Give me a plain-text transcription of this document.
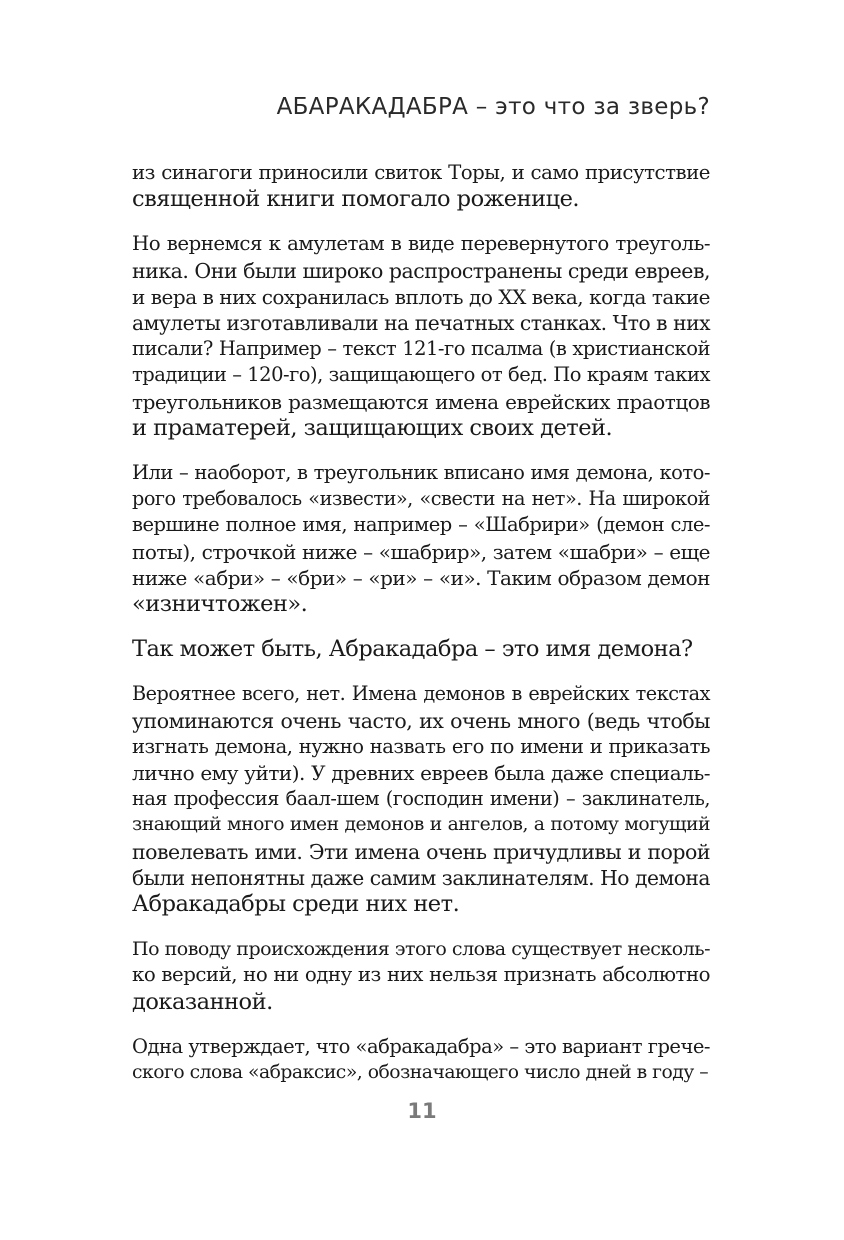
АБАРАКАДАБРА – это что за зверь?
из синагоги приносили свиток Торы, и само присутствие
священной книги помогало роженице.
Но вернемся к амулетам в виде перевернутого треуголь-
ника. Они были широко распространены среди евреев,
и вера в них сохранилась вплоть до XX века, когда такие
амулеты изготавливали на печатных станках. Что в них
писали? Например – текст 121-го псалма (в христианской
традиции – 120-го), защищающего от бед. По краям таких
треугольников размещаются имена еврейских праотцов
и праматерей, защищающих своих детей.
Или – наоборот, в треугольник вписано имя демона, кото-
рого требовалось «извести», «свести на нет». На широкой
вершине полное имя, например – «Шабрири» (демон сле-
поты), строчкой ниже – «шабрир», затем «шабри» – еще
ниже «абри» – «бри» – «ри» – «и». Таким образом демон
«изничтожен».
Так может быть, Абракадабра – это имя демона?
Вероятнее всего, нет. Имена демонов в еврейских текстах
упоминаются очень часто, их очень много (ведь чтобы
изгнать демона, нужно назвать его по имени и приказать
лично ему уйти). У древних евреев была даже специаль-
ная профессия баал-шем (господин имени) – заклинатель,
знающий много имен демонов и ангелов, а потому могущий
повелевать ими. Эти имена очень причудливы и порой
были непонятны даже самим заклинателям. Но демона
Абракадабры среди них нет.
По поводу происхождения этого слова существует несколь-
ко версий, но ни одну из них нельзя признать абсолютно
доказанной.
Одна утверждает, что «абракадабра» – это вариант грече-
ского слова «абраксис», обозначающего число дней в году –
11
